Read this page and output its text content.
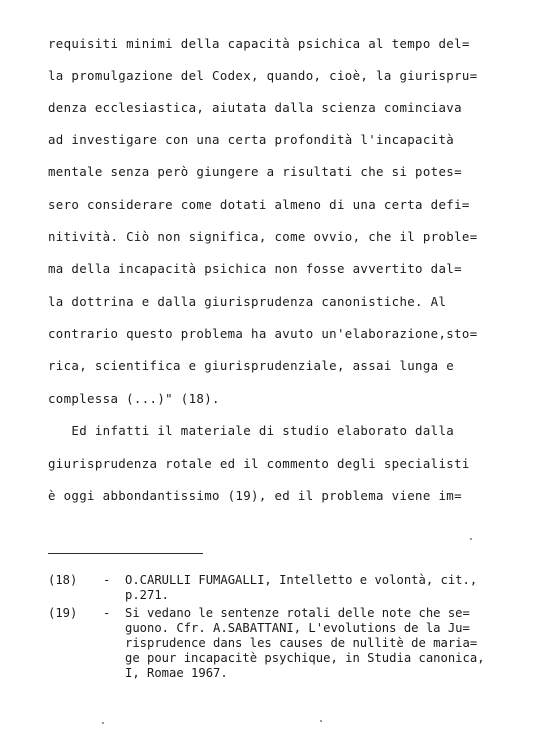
requisiti minimi della capacità psichica al tempo del=
la promulgazione del Codex, quando, cioè, la giurispru=
denza ecclesiastica, aiutata dalla scienza cominciava
ad investigare con una certa profondità l'incapacità
mentale senza però giungere a risultati che si potes=
sero considerare come dotati almeno di una certa defi=
nitività. Ciò non significa, come ovvio, che il proble=
ma della incapacità psichica non fosse avvertito dal=
la dottrina e dalla giurisprudenza canonistiche. Al
contrario questo problema ha avuto un'elaborazione,sto=
rica, scientifica e giurisprudenziale, assai lunga e
complessa (...)" (18).
Ed infatti il materiale di studio elaborato dalla
giurisprudenza rotale ed il commento degli specialisti
è oggi abbondantissimo (19), ed il problema viene im=
(18) - O.CARULLI FUMAGALLI, Intelletto e volontà, cit.,
p.271.
(19) - Si vedano le sentenze rotali delle note che se=
guono. Cfr. A.SABATTANI, L'evolutions de la Ju=
risprudence dans les causes de nullitè de maria=
ge pour incapacitè psychique, in Studia canonica,
I, Romae 1967.
